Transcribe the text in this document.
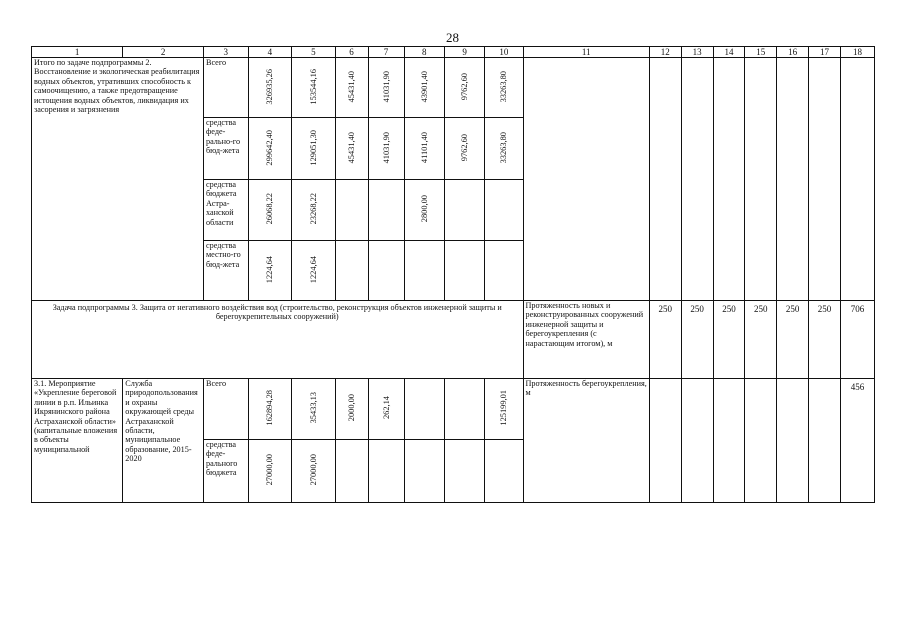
28
1	2	3	4	5	6	7	8	9	10	11	12	13	14	15	16	17	18
Итого по задаче подпрограммы 2. Восстановление и экологическая реабилитация водных объектов, утративших способность к самоочищению, а также предотвращение истощения водных объектов, ликвидация их засорения и загрязнения		Всего	326935,26	153544,16	45431,40	41031,90	43901,40	9762,60	33263,80								
		средства феде-рально-го бюд-жета	299642,40	129051,30	45431,40	41031,90	41101,40	9762,60	33263,80								
		средства бюджета Астра-ханской области	26068,22	23268,22			2800,00										
		средства местно-го бюд-жета	1224,64	1224,64													
Задача подпрограммы 3. Защита от негативного воздействия вод (строительство, реконструкция объектов инженерной защиты и берегоукрепительных сооружений)										Протяженность новых и реконструированных сооружений инженерной защиты и берегоукрепления (с нарастающим итогом), м	250	250	250	250	250	250	706
3.1. Мероприятие «Укрепление береговой линии в р.п. Ильинка Икрянинского района Астраханской области» (капитальные вложения в объекты муниципальной	Служба природопользования и охраны окружающей среды Астраханской области, муниципальное образование, 2015-2020	Всего	162894,28	35433,13	2000,00	262,14			125199,01	Протяженность берегоукрепления, м							456
		средства феде-рального бюджета	27000,00	27000,00													
